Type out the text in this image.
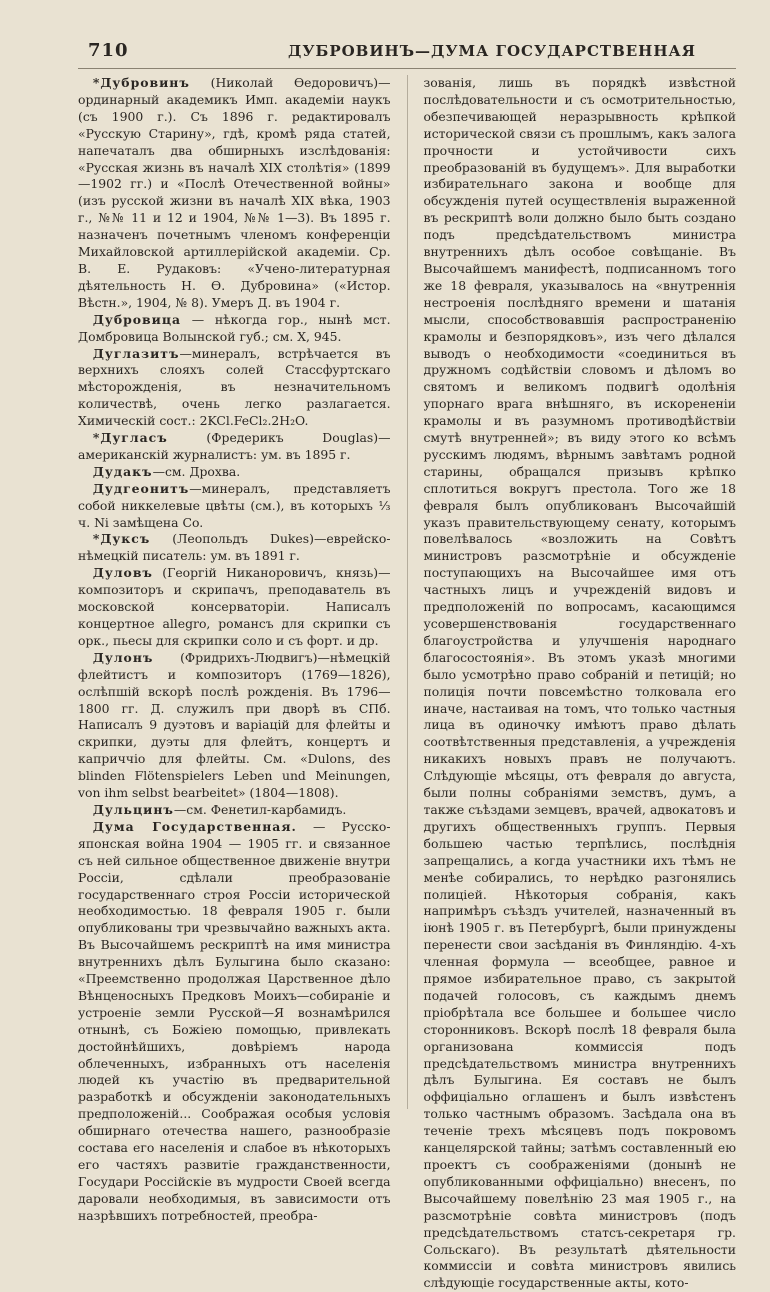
710	ДУБРОВИНЪ—ДУМА ГОСУДАРСТВЕННАЯ

*Дубровинъ (Николай Өедоровичъ)—ординарный академикъ Имп. академіи наукъ (съ 1900 г.). Съ 1896 г. редактировалъ «Русскую Старину», гдѣ, кромѣ ряда статей, напечаталъ два обширныхъ изслѣдованія: «Русская жизнь въ началѣ XIX столѣтія» (1899—1902 гг.) и «Послѣ Отечественной войны» (изъ русской жизни въ началѣ XIX вѣка, 1903 г., №№ 11 и 12 и 1904, №№ 1—3). Въ 1895 г. назначенъ почетнымъ членомъ конференціи Михайловской артиллерійской академіи. Ср. В. Е. Рудаковъ: «Учено-литературная дѣятельность Н. Ө. Дубровина» («Истор. Вѣстн.», 1904, № 8). Умеръ Д. въ 1904 г.

Дубровица — нѣкогда гор., нынѣ мст. Домбровица Волынской губ.; см. X, 945.

Дуглазитъ—минералъ, встрѣчается въ верхнихъ слояхъ солей Стассфуртскаго мѣсторожденія, въ незначительномъ количествѣ, очень легко разлагается. Химическій сост.: 2KCl.FeCl₂.2H₂O.

*Дугласъ (Фредерикъ Douglas)—американскій журналистъ: ум. въ 1895 г.

Дудакъ—см. Дрохва.

Дудгеонитъ—минералъ, представляетъ собой никкелевые цвѣты (см.), въ которыхъ ⅓ ч. Ni замѣщена Co.

*Дуксъ (Леопольдъ Dukes)—еврейско-нѣмецкій писатель: ум. въ 1891 г.

Дуловъ (Георгій Никаноровичъ, князь)—композиторъ и скрипачъ, преподаватель въ московской консерваторіи. Написалъ концертное allegro, романсъ для скрипки съ орк., пьесы для скрипки соло и съ форт. и др.

Дулонъ (Фридрихъ-Людвигъ)—нѣмецкій флейтистъ и композиторъ (1769—1826), ослѣпшій вскорѣ послѣ рожденія. Въ 1796—1800 гг. Д. служилъ при дворѣ въ СПб. Написалъ 9 дуэтовъ и варіацій для флейты и скрипки, дуэты для флейтъ, концертъ и каприччіо для флейты. См. «Dulons, des blinden Flötenspielers Leben und Meinungen, von ihm selbst bearbeitet» (1804—1808).

Дульцинъ—см. Фенетил-карбамидъ.

Дума Государственная. — Русско-японская война 1904 — 1905 гг. и связанное съ ней сильное общественное движеніе внутри Россіи, сдѣлали преобразованіе государственнаго строя Россіи исторической необходимостью. 18 февраля 1905 г. были опубликованы три чрезвычайно важныхъ акта. Въ Высочайшемъ рескриптѣ на имя министра внутреннихъ дѣлъ Булыгина было сказано: «Преемственно продолжая Царственное дѣло Вѣнценосныхъ Предковъ Моихъ—собираніе и устроеніе земли Русской—Я вознамѣрился отнынѣ, съ Божіею помощью, привлекать достойнѣйшихъ, довѣріемъ народа облеченныхъ, избранныхъ отъ населенія людей къ участію въ предварительной разработкѣ и обсужденіи законодательныхъ предположеній... Соображая особыя условія обширнаго отечества нашего, разнообразіе состава его населенія и слабое въ нѣкоторыхъ его частяхъ развитіе гражданственности, Государи Россійскіе въ мудрости Своей всегда даровали необходимыя, въ зависимости отъ назрѣвшихъ потребностей, преобра-

зованія, лишь въ порядкѣ извѣстной послѣдовательности и съ осмотрительностью, обезпечивающей неразрывность крѣпкой исторической связи съ прошлымъ, какъ залога прочности и устойчивости сихъ преобразованій въ будущемъ». Для выработки избирательнаго закона и вообще для обсужденія путей осуществленія выраженной въ рескриптѣ воли должно было быть создано подъ предсѣдательствомъ министра внутреннихъ дѣлъ особое совѣщаніе. Въ Высочайшемъ манифестѣ, подписанномъ того же 18 февраля, указывалось на «внутреннія нестроенія послѣдняго времени и шатанія мысли, способствовавшія распространенію крамолы и безпорядковъ», изъ чего дѣлался выводъ о необходимости «соединиться въ дружномъ содѣйствіи словомъ и дѣломъ во святомъ и великомъ подвигѣ одолѣнія упорнаго врага внѣшняго, въ искорененіи крамолы и въ разумномъ противодѣйствіи смутѣ внутренней»; въ виду этого ко всѣмъ русскимъ людямъ, вѣрнымъ завѣтамъ родной старины, обращался призывъ крѣпко сплотиться вокругъ престола. Того же 18 февраля былъ опубликованъ Высочайшій указъ правительствующему сенату, которымъ повелѣвалось «возложить на Совѣтъ министровъ разсмотрѣніе и обсужденіе поступающихъ на Высочайшее имя отъ частныхъ лицъ и учрежденій видовъ и предположеній по вопросамъ, касающимся усовершенствованія государственнаго благоустройства и улучшенія народнаго благосостоянія». Въ этомъ указѣ многими было усмотрѣно право собраній и петицій; но полиція почти повсемѣстно толковала его иначе, настаивая на томъ, что только частныя лица въ одиночку имѣютъ право дѣлать соотвѣтственныя представленія, а учрежденія никакихъ новыхъ правъ не получаютъ. Слѣдующіе мѣсяцы, отъ февраля до августа, были полны собраніями земствъ, думъ, а также съѣздами земцевъ, врачей, адвокатовъ и другихъ общественныхъ группъ. Первыя большею частью терпѣлись, послѣднія запрещались, а когда участники ихъ тѣмъ не менѣе собирались, то нерѣдко разгонялись полиціей. Нѣкоторыя собранія, какъ напримѣръ съѣздъ учителей, назначенный въ іюнѣ 1905 г. въ Петербургѣ, были принуждены перенести свои засѣданія въ Финляндію. 4-хъ членная формула — всеобщее, равное и прямое избирательное право, съ закрытой подачей голосовъ, съ каждымъ днемъ пріобрѣтала все большее и большее число сторонниковъ. Вскорѣ послѣ 18 февраля была организована коммиссія подъ предсѣдательствомъ министра внутреннихъ дѣлъ Булыгина. Ея составъ не былъ оффиціально оглашенъ и былъ извѣстенъ только частнымъ образомъ. Засѣдала она въ теченіе трехъ мѣсяцевъ подъ покровомъ канцелярской тайны; затѣмъ составленный ею проектъ съ соображеніями (донынѣ не опубликованными оффиціально) внесенъ, по Высочайшему повелѣнію 23 мая 1905 г., на разсмотрѣніе совѣта министровъ (подъ предсѣдательствомъ статсъ-секретаря гр. Сольскаго). Въ результатѣ дѣятельности коммиссіи и совѣта министровъ явились слѣдующіе государственные акты, кото-
